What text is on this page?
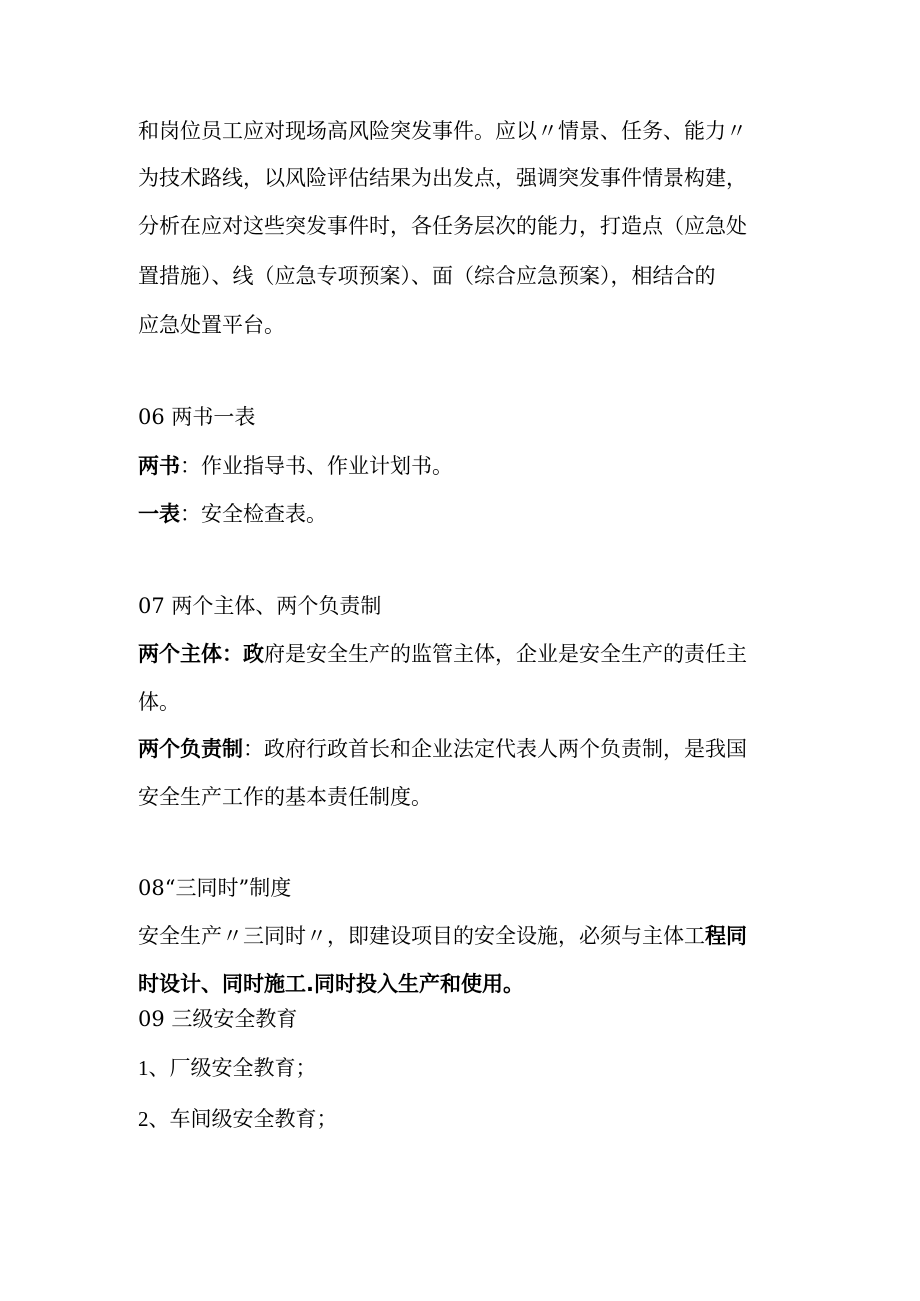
和岗位员工应对现场高风险突发事件。应以〃情景、任务、能力〃
为技术路线，以风险评估结果为出发点，强调突发事件情景构建，
分析在应对这些突发事件时，各任务层次的能力，打造点（应急处
置措施）、线（应急专项预案）、面（综合应急预案），相结合的
应急处置平台。
06 两书一表
两书：作业指导书、作业计划书。
一表：安全检查表。
07 两个主体、两个负责制
两个主体：政府是安全生产的监管主体，企业是安全生产的责任主
体。
两个负责制：政府行政首长和企业法定代表人两个负责制，是我国
安全生产工作的基本责任制度。
08“三同时”制度
安全生产〃三同时〃，即建设项目的安全设施，必须与主体工程同
时设计、同时施工.同时投入生产和使用。
09 三级安全教育
1、厂级安全教育；
2、车间级安全教育；
